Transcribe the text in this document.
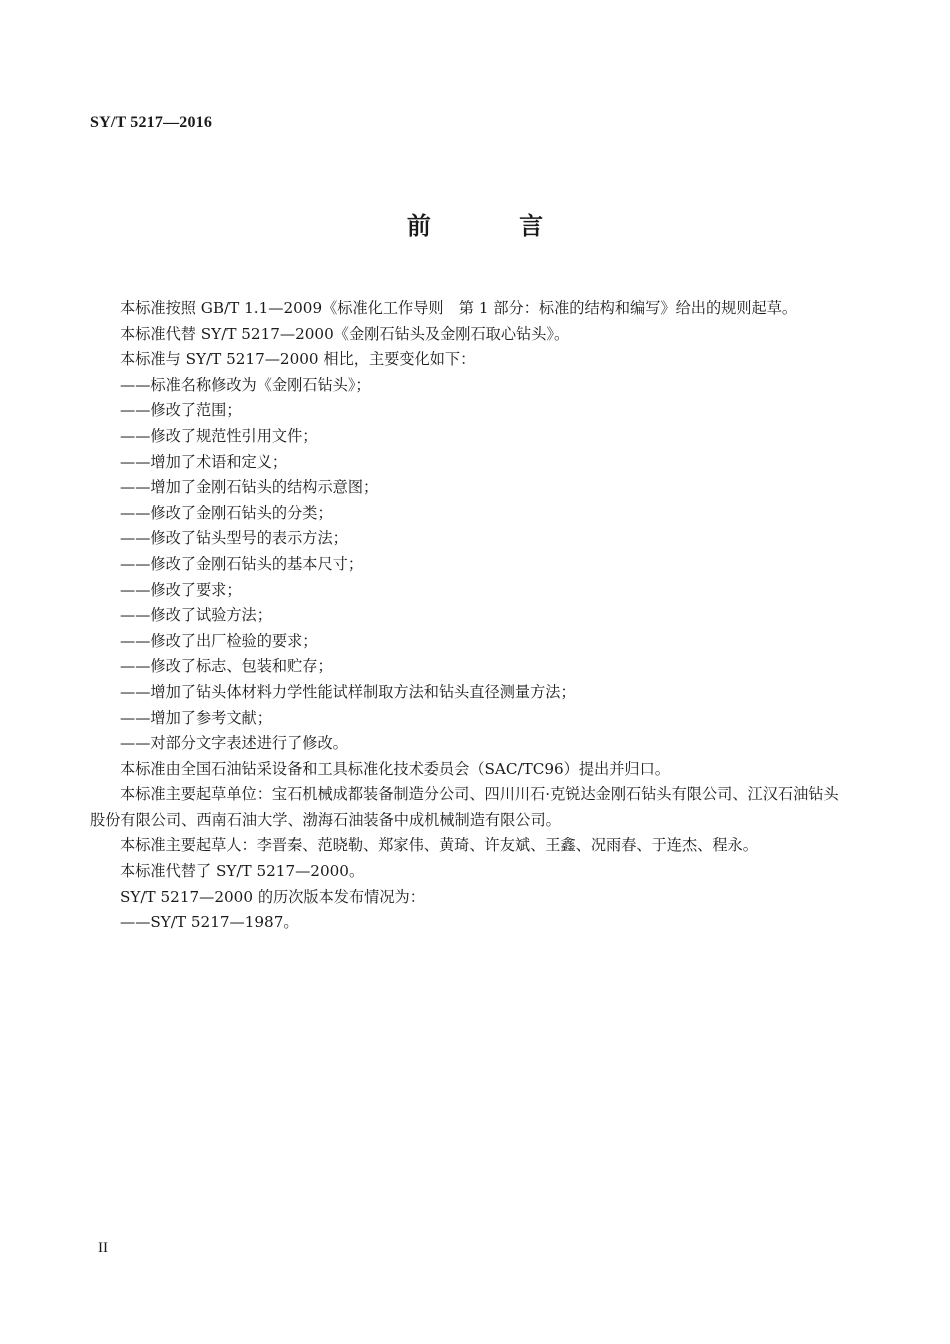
SY/T 5217—2016
前 言

本标准按照 GB/T 1.1—2009《标准化工作导则　第 1 部分：标准的结构和编写》给出的规则起草。

本标准代替 SY/T 5217—2000《金刚石钻头及金刚石取心钻头》。

本标准与 SY/T 5217—2000 相比，主要变化如下：

——标准名称修改为《金刚石钻头》；

——修改了范围；

——修改了规范性引用文件；

——增加了术语和定义；

——增加了金刚石钻头的结构示意图；

——修改了金刚石钻头的分类；

——修改了钻头型号的表示方法；

——修改了金刚石钻头的基本尺寸；

——修改了要求；

——修改了试验方法；

——修改了出厂检验的要求；

——修改了标志、包装和贮存；

——增加了钻头体材料力学性能试样制取方法和钻头直径测量方法；

——增加了参考文献；

——对部分文字表述进行了修改。

本标准由全国石油钻采设备和工具标准化技术委员会（SAC/TC96）提出并归口。

本标准主要起草单位：宝石机械成都装备制造分公司、四川川石·克锐达金刚石钻头有限公司、江汉石油钻头股份有限公司、西南石油大学、渤海石油装备中成机械制造有限公司。

本标准主要起草人：李晋秦、范晓勒、郑家伟、黄琦、许友斌、王鑫、况雨春、于连杰、程永。

本标准代替了 SY/T 5217—2000。

SY/T 5217—2000 的历次版本发布情况为：

——SY/T 5217—1987。

II
